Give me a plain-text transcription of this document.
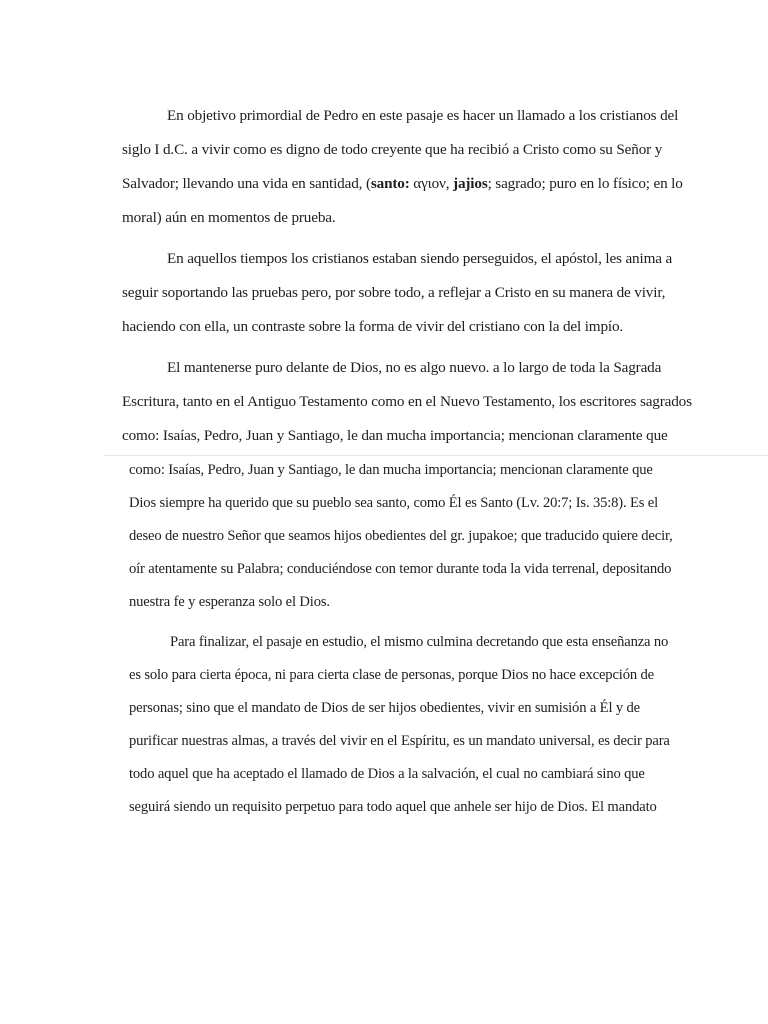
En objetivo primordial de Pedro en este pasaje es hacer un llamado a los cristianos del
siglo I d.C. a vivir como es digno de todo creyente que ha recibió a Cristo como su Señor y
Salvador; llevando una vida en santidad, (santo: αγιον, jajios; sagrado; puro en lo físico; en lo
moral) aún en momentos de prueba.
En aquellos tiempos los cristianos estaban siendo perseguidos, el apóstol, les anima a
seguir soportando las pruebas pero, por sobre todo, a reflejar a Cristo en su manera de vivir,
haciendo con ella, un contraste sobre la forma de vivir del cristiano con la del impío.
El mantenerse puro delante de Dios, no es algo nuevo. a lo largo de toda la Sagrada
Escritura, tanto en el Antiguo Testamento como en el Nuevo Testamento, los escritores sagrados
como: Isaías, Pedro, Juan y Santiago, le dan mucha importancia; mencionan claramente que
como: Isaías, Pedro, Juan y Santiago, le dan mucha importancia; mencionan claramente que
Dios siempre ha querido que su pueblo sea santo, como Él es Santo (Lv. 20:7; Is. 35:8). Es el
deseo de nuestro Señor que seamos hijos obedientes del gr. jupakoe; que traducido quiere decir,
oír atentamente su Palabra; conduciéndose con temor durante toda la vida terrenal, depositando
nuestra fe y esperanza solo el Dios.
Para finalizar, el pasaje en estudio, el mismo culmina decretando que esta enseñanza no
es solo para cierta época, ni para cierta clase de personas, porque Dios no hace excepción de
personas; sino que el mandato de Dios de ser hijos obedientes, vivir en sumisión a Él y de
purificar nuestras almas, a través del vivir en el Espíritu, es un mandato universal, es decir para
todo aquel que ha aceptado el llamado de Dios a la salvación, el cual no cambiará sino que
seguirá siendo un requisito perpetuo para todo aquel que anhele ser hijo de Dios. El mandato
